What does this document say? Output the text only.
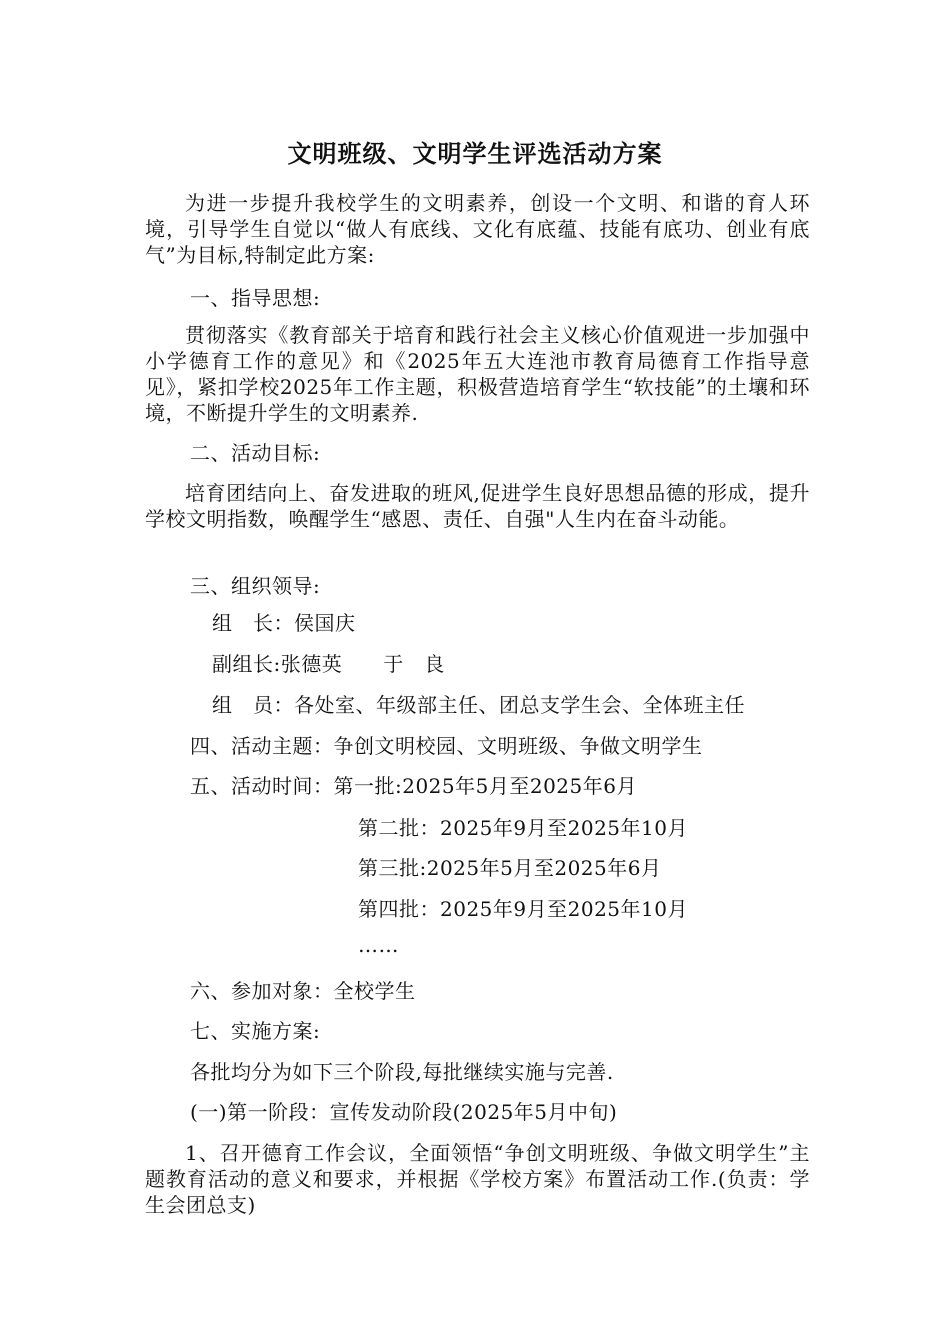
文明班级、文明学生评选活动方案

为进一步提升我校学生的文明素养，创设一个文明、和谐的育人环境，引导学生自觉以“做人有底线、文化有底蕴、技能有底功、创业有底气”为目标,特制定此方案:

一、指导思想:

贯彻落实《教育部关于培育和践行社会主义核心价值观进一步加强中小学德育工作的意见》和《2025年五大连池市教育局德育工作指导意见》，紧扣学校2025年工作主题，积极营造培育学生“软技能”的土壤和环境，不断提升学生的文明素养.

二、活动目标:

培育团结向上、奋发进取的班风,促进学生良好思想品德的形成，提升学校文明指数，唤醒学生“感恩、责任、自强"人生内在奋斗动能。

三、组织领导:

组　长：侯国庆

副组长:张德英　　于　良

组　员：各处室、年级部主任、团总支学生会、全体班主任

四、活动主题：争创文明校园、文明班级、争做文明学生

五、活动时间：第一批:2025年5月至2025年6月

第二批：2025年9月至2025年10月

第三批:2025年5月至2025年6月

第四批：2025年9月至2025年10月

……

六、参加对象：全校学生

七、实施方案:

各批均分为如下三个阶段,每批继续实施与完善.

(一)第一阶段：宣传发动阶段(2025年5月中旬)

1、召开德育工作会议，全面领悟“争创文明班级、争做文明学生”主题教育活动的意义和要求，并根据《学校方案》布置活动工作.(负责：学生会团总支)
